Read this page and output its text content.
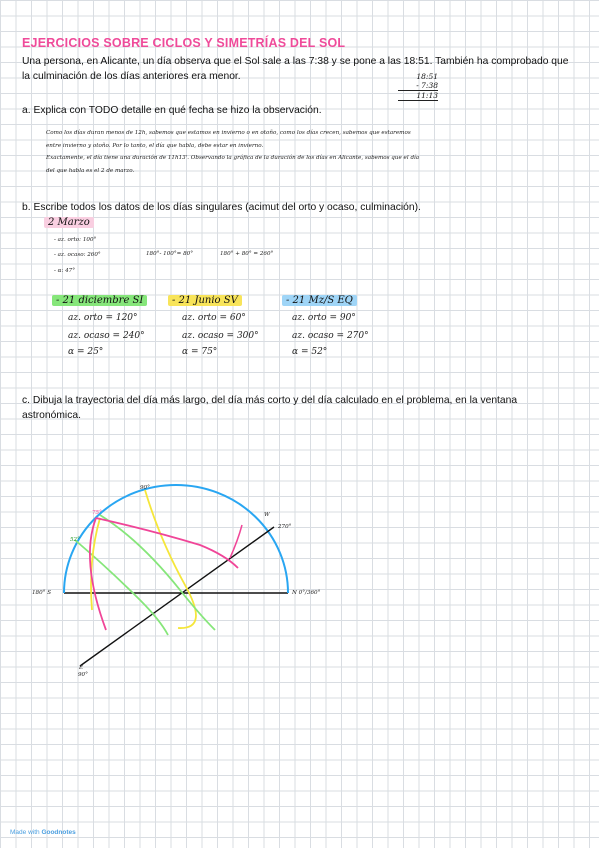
EJERCICIOS SOBRE CICLOS Y SIMETRÍAS DEL SOL
Una persona, en Alicante, un día observa que el Sol sale a las 7:38 y se pone a las 18:51. También ha comprobado que la culminación de los días anteriores era menor.	18:51
- 7:38
11:13
a. Explica con TODO detalle en qué fecha se hizo la observación.
Como los días duran menos de 12h, sabemos que estamos en invierno o en otoño, como los días crecen, sabemos que estaremos
entre invierno y otoño. Por lo tanto, el día que habla, debe estar en invierno.
Exactamente, el día tiene una duración de 11h13'. Observando la gráfica de la duración de los días en Alicante, sabemos que el día
del que habla es el 2 de marzo.
b. Escribe todos los datos de los días singulares (acimut del orto y ocaso, culminación).
2 Marzo
- az. orto: 100°
- az. ocaso: 260°
- α: 47°
180°- 100°= 80°	180° + 80° = 260°
- 21 diciembre SI
az. orto = 120°
az. ocaso = 240°
α = 25°
- 21 Junio SV
az. orto = 60°
az. ocaso = 300°
α = 75°
- 21 Mz/S EQ
az. orto = 90°
az. ocaso = 270°
α = 52°
c. Dibuja la trayectoria del día más largo, del día más corto y del día calculado en el problema, en la ventana astronómica.
270°
W
180° S	N 0°/360°
E
90°
90°
75°
52°
Made with Goodnotes
